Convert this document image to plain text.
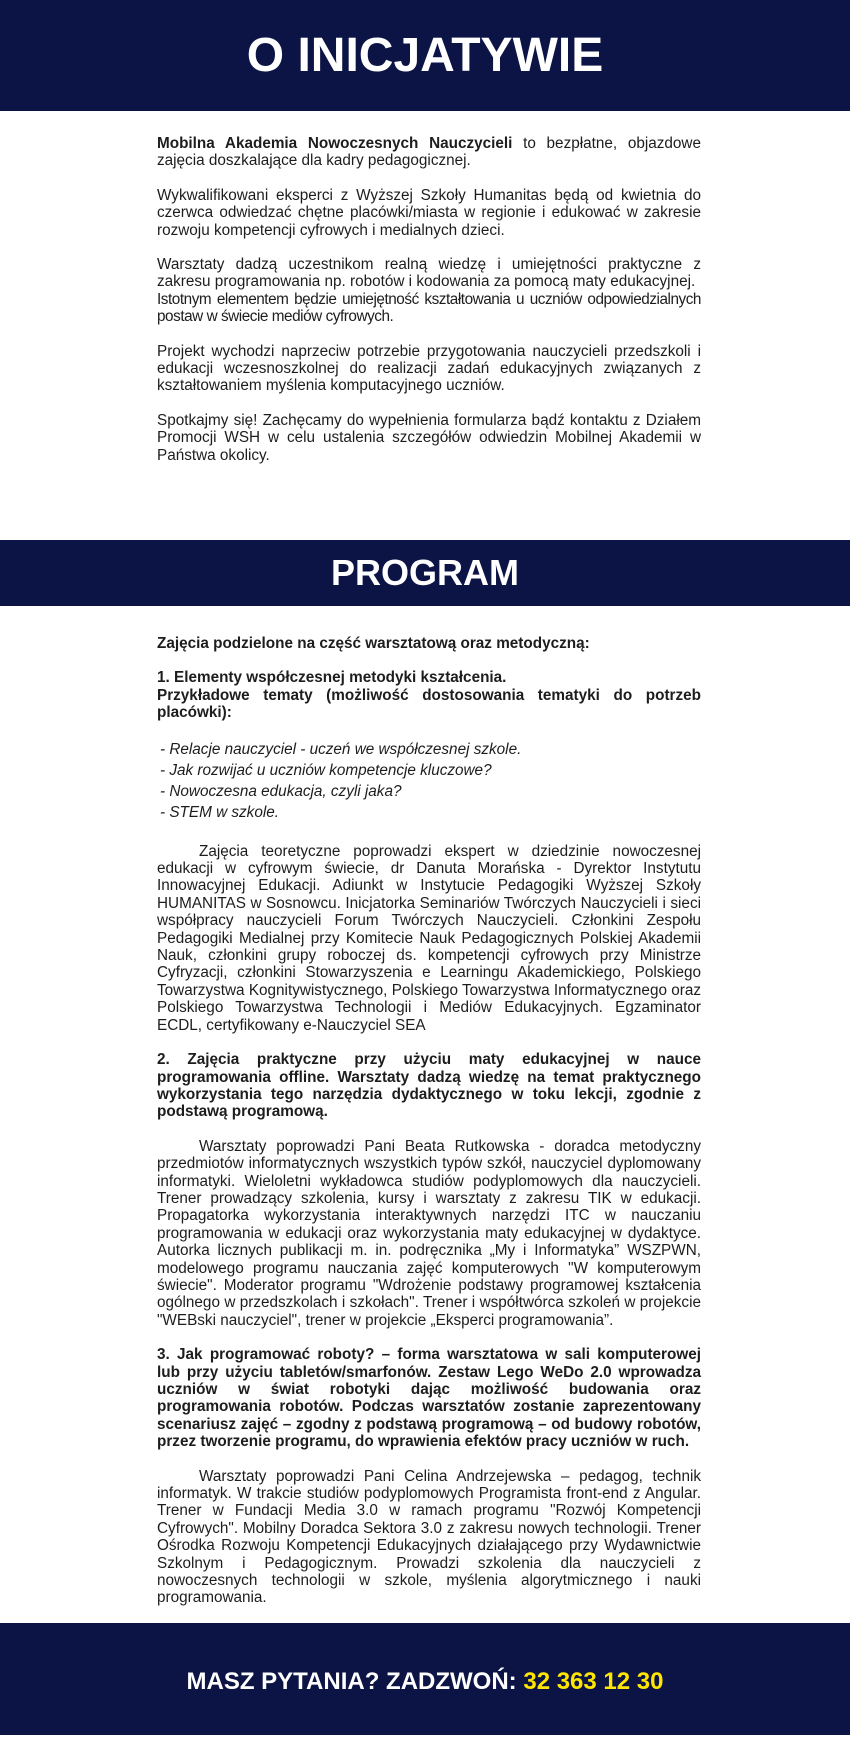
O INICJATYWIE

Mobilna Akademia Nowoczesnych Nauczycieli to bezpłatne, objazdowe zajęcia doszkalające dla kadry pedagogicznej.

Wykwalifikowani eksperci z Wyższej Szkoły Humanitas będą od kwietnia do czerwca odwiedzać chętne placówki/miasta w regionie i edukować w zakresie rozwoju kompetencji cyfrowych i medialnych dzieci.

Warsztaty dadzą uczestnikom realną wiedzę i umiejętności praktyczne z zakresu programowania np. robotów i kodowania za pomocą maty edukacyjnej.

Istotnym elementem będzie umiejętność kształtowania u uczniów odpowiedzialnych postaw w świecie mediów cyfrowych.

Projekt wychodzi naprzeciw potrzebie przygotowania nauczycieli przedszkoli i edukacji wczesnoszkolnej do realizacji zadań edukacyjnych związanych z kształtowaniem myślenia komputacyjnego uczniów.

Spotkajmy się! Zachęcamy do wypełnienia formularza bądź kontaktu z Działem Promocji WSH w celu ustalenia szczegółów odwiedzin Mobilnej Akademii w Państwa okolicy.

PROGRAM

Zajęcia podzielone na część warsztatową oraz metodyczną:

1. Elementy współczesnej metodyki kształcenia.

Przykładowe tematy (możliwość dostosowania tematyki do potrzeb placówki):

- Relacje nauczyciel - uczeń we współczesnej szkole.
- Jak rozwijać u uczniów kompetencje kluczowe?
- Nowoczesna edukacja, czyli jaka?
- STEM w szkole.

Zajęcia teoretyczne poprowadzi ekspert w dziedzinie nowoczesnej edukacji w cyfrowym świecie, dr Danuta Morańska - Dyrektor Instytutu Innowacyjnej Edukacji. Adiunkt w Instytucie Pedagogiki Wyższej Szkoły HUMANITAS w Sosnowcu. Inicjatorka Seminariów Twórczych Nauczycieli i sieci współpracy nauczycieli Forum Twórczych Nauczycieli. Członkini Zespołu Pedagogiki Medialnej przy Komitecie Nauk Pedagogicznych Polskiej Akademii Nauk, członkini grupy roboczej ds. kompetencji cyfrowych przy Ministrze Cyfryzacji, członkini Stowarzyszenia e Learningu Akademickiego, Polskiego Towarzystwa Kognitywistycznego, Polskiego Towarzystwa Informatycznego oraz Polskiego Towarzystwa Technologii i Mediów Edukacyjnych. Egzaminator ECDL, certyfikowany e-Nauczyciel SEA

2. Zajęcia praktyczne przy użyciu maty edukacyjnej w nauce programowania offline. Warsztaty dadzą wiedzę na temat praktycznego wykorzystania tego narzędzia dydaktycznego w toku lekcji, zgodnie z podstawą programową.

Warsztaty poprowadzi Pani Beata Rutkowska - doradca metodyczny przedmiotów informatycznych wszystkich typów szkół, nauczyciel dyplomowany informatyki. Wieloletni wykładowca studiów podyplomowych dla nauczycieli. Trener prowadzący szkolenia, kursy i warsztaty z zakresu TIK w edukacji. Propagatorka wykorzystania interaktywnych narzędzi ITC w nauczaniu programowania w edukacji oraz wykorzystania maty edukacyjnej w dydaktyce. Autorka licznych publikacji m. in. podręcznika „My i Informatyka” WSZPWN, modelowego programu nauczania zajęć komputerowych "W komputerowym świecie". Moderator programu "Wdrożenie podstawy programowej kształcenia ogólnego w przedszkolach i szkołach". Trener i współtwórca szkoleń w projekcie "WEBski nauczyciel", trener w projekcie „Eksperci programowania”.

3. Jak programować roboty? – forma warsztatowa w sali komputerowej lub przy użyciu tabletów/smarfonów. Zestaw Lego WeDo 2.0 wprowadza uczniów w świat robotyki dając możliwość budowania oraz programowania robotów. Podczas warsztatów zostanie zaprezentowany scenariusz zajęć – zgodny z podstawą programową – od budowy robotów, przez tworzenie programu, do wprawienia efektów pracy uczniów w ruch.

Warsztaty poprowadzi Pani Celina Andrzejewska – pedagog, technik informatyk. W trakcie studiów podyplomowych Programista front-end z Angular. Trener w Fundacji Media 3.0 w ramach programu "Rozwój Kompetencji Cyfrowych". Mobilny Doradca Sektora 3.0 z zakresu nowych technologii. Trener Ośrodka Rozwoju Kompetencji Edukacyjnych działającego przy Wydawnictwie Szkolnym i Pedagogicznym. Prowadzi szkolenia dla nauczycieli z nowoczesnych technologii w szkole, myślenia algorytmicznego i nauki programowania.

MASZ PYTANIA? ZADZWOŃ: 32 363 12 30
